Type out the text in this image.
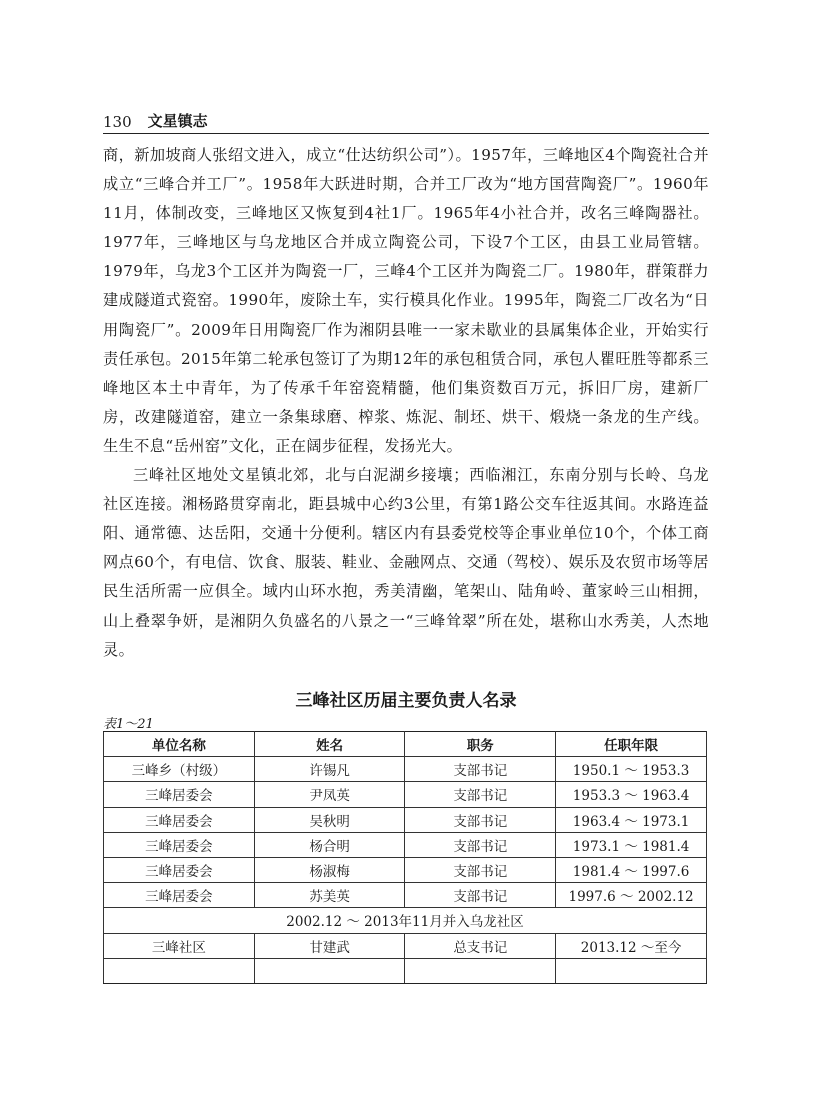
130 文星镇志

商，新加坡商人张绍文进入，成立“仕达纺织公司”）。1957年，三峰地区4个陶瓷社合并成立“三峰合并工厂”。1958年大跃进时期，合并工厂改为“地方国营陶瓷厂”。1960年11月，体制改变，三峰地区又恢复到4社1厂。1965年4小社合并，改名三峰陶器社。1977年，三峰地区与乌龙地区合并成立陶瓷公司，下设7个工区，由县工业局管辖。1979年，乌龙3个工区并为陶瓷一厂，三峰4个工区并为陶瓷二厂。1980年，群策群力建成隧道式瓷窑。1990年，废除土车，实行模具化作业。1995年，陶瓷二厂改名为“日用陶瓷厂”。2009年日用陶瓷厂作为湘阴县唯一一家未歇业的县属集体企业，开始实行责任承包。2015年第二轮承包签订了为期12年的承包租赁合同，承包人瞿旺胜等都系三峰地区本土中青年，为了传承千年窑瓷精髓，他们集资数百万元，拆旧厂房，建新厂房，改建隧道窑，建立一条集球磨、榨浆、炼泥、制坯、烘干、煅烧一条龙的生产线。生生不息“岳州窑”文化，正在阔步征程，发扬光大。

三峰社区地处文星镇北郊，北与白泥湖乡接壤；西临湘江，东南分别与长岭、乌龙社区连接。湘杨路贯穿南北，距县城中心约3公里，有第1路公交车往返其间。水路连益阳、通常德、达岳阳，交通十分便利。辖区内有县委党校等企事业单位10个，个体工商网点60个，有电信、饮食、服装、鞋业、金融网点、交通（驾校）、娱乐及农贸市场等居民生活所需一应俱全。域内山环水抱，秀美清幽，笔架山、陆角岭、董家岭三山相拥，山上叠翠争妍，是湘阴久负盛名的八景之一“三峰耸翠”所在处，堪称山水秀美，人杰地灵。

三峰社区历届主要负责人名录
表1～21
单位名称	姓名	职务	任职年限
三峰乡（村级）	许锡凡	支部书记	1950.1 ～ 1953.3
三峰居委会	尹凤英	支部书记	1953.3 ～ 1963.4
三峰居委会	吴秋明	支部书记	1963.4 ～ 1973.1
三峰居委会	杨合明	支部书记	1973.1 ～ 1981.4
三峰居委会	杨淑梅	支部书记	1981.4 ～ 1997.6
三峰居委会	苏美英	支部书记	1997.6 ～ 2002.12
2002.12 ～ 2013年11月并入乌龙社区			
三峰社区	甘建武	总支书记	2013.12 ～至今
